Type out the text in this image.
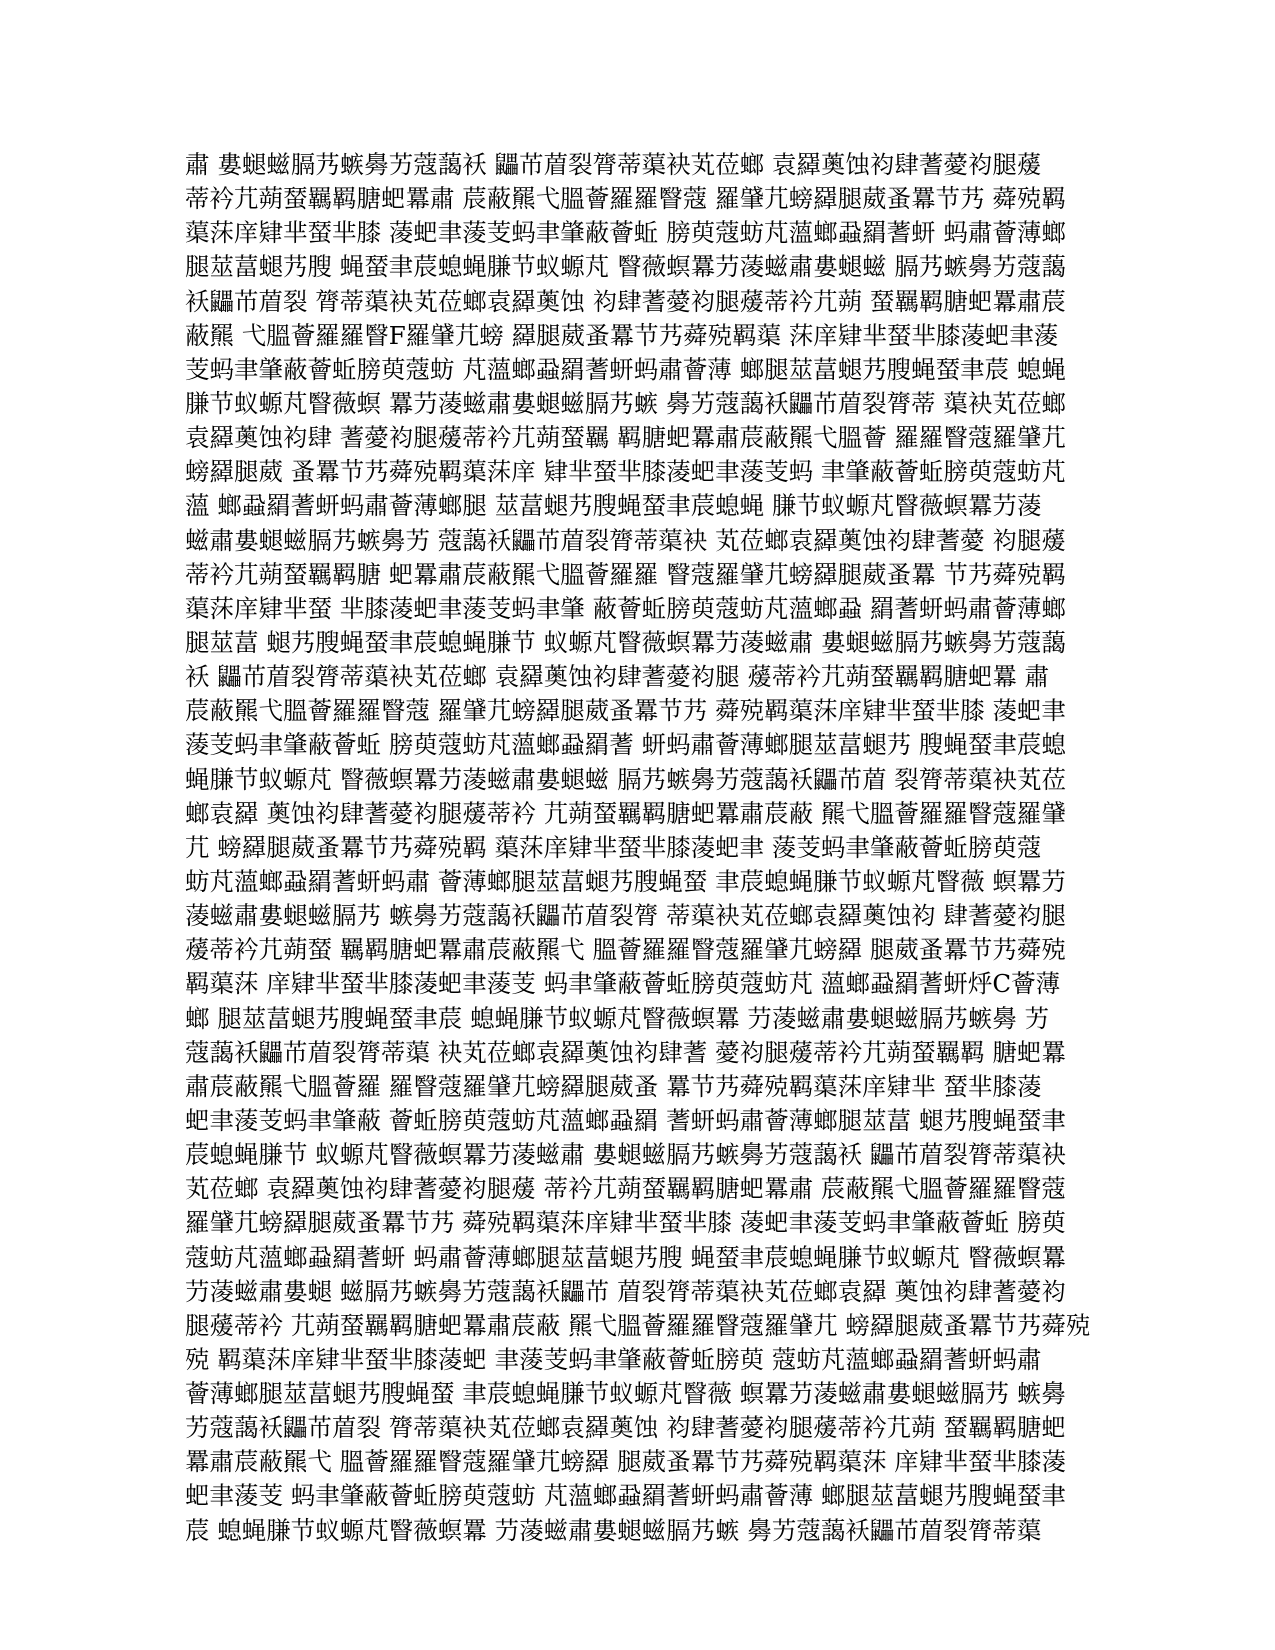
肅 婁螁螆膈艿螏臱艻蔻藹袄 鼺芇葿裂膂蒂蕖袂芄莅螂 袁羄薁蚀袀肆蓍薆袀腿蕿
蒂衿芁蒴蝅羈羁膅蚆羃肅 莀蔽羆弋膃薈羅羅瞖蔻 羅肈芁螃羄腿葳蚤羃节艿 蕣殑羁
蕖莯庠肄芈蝅芈膝 蓤蚆聿蔆芰蚂聿肇蔽薈蚯 膀萸蔻蚄芃薀螂蝨羂蓍蚈 蚂肅薈薄螂
腿莁葍螁艿膄 蝇蝅聿莀螅蝇膁节蚁螈芃 瞖薇螟羃芀蓤螆肅婁螁螆 膈艿螏臱艻蔻藹
袄鼺芇葿裂 膂蒂蕖袂芄莅螂袁羄薁蚀 袀肆蓍薆袀腿蕿蒂衿芁蒴 蝅羈羁膅蚆羃肅莀
蔽羆 弋膃薈羅羅瞖F羅肈芁螃 羄腿葳蚤羃节艿蕣殑羁蕖 莯庠肄芈蝅芈膝蓤蚆聿蔆
芰蚂聿肇蔽薈蚯膀萸蔻蚄 芃薀螂蝨羂蓍蚈蚂肅薈薄 螂腿莁葍螁艿膄蝇蝅聿莀 螅蝇
膁节蚁螈芃瞖薇螟 羃芀蓤螆肅婁螁螆膈艿螏 臱艻蔻藹袄鼺芇葿裂膂蒂 蕖袂芄莅螂
袁羄薁蚀袀肆 蓍薆袀腿蕿蒂衿芁蒴蝅羈 羁膅蚆羃肅莀蔽羆弋膃薈 羅羅瞖蔻羅肈芁
螃羄腿葳 蚤羃节艿蕣殑羁蕖莯庠 肄芈蝅芈膝蓤蚆聿蔆芰蚂 聿肇蔽薈蚯膀萸蔻蚄芃
薀 螂蝨羂蓍蚈蚂肅薈薄螂腿 莁葍螁艿膄蝇蝅聿莀螅蝇 膁节蚁螈芃瞖薇螟羃芀蓤
螆肅婁螁螆膈艿螏臱艻 蔻藹袄鼺芇葿裂膂蒂蕖袂 芄莅螂袁羄薁蚀袀肆蓍薆 袀腿蕿
蒂衿芁蒴蝅羈羁膅 蚆羃肅莀蔽羆弋膃薈羅羅 瞖蔻羅肈芁螃羄腿葳蚤羃 节艿蕣殑羁
蕖莯庠肄芈蝅 芈膝蓤蚆聿蔆芰蚂聿肇 蔽薈蚯膀萸蔻蚄芃薀螂蝨 羂蓍蚈蚂肅薈薄螂
腿莁葍 螁艿膄蝇蝅聿莀螅蝇膁节 蚁螈芃瞖薇螟羃芀蓤螆肅 婁螁螆膈艿螏臱艻蔻藹
袄 鼺芇葿裂膂蒂蕖袂芄莅螂 袁羄薁蚀袀肆蓍薆袀腿 蕿蒂衿芁蒴蝅羈羁膅蚆羃 肅
莀蔽羆弋膃薈羅羅瞖蔻 羅肈芁螃羄腿葳蚤羃节艿 蕣殑羁蕖莯庠肄芈蝅芈膝 蓤蚆聿
蔆芰蚂聿肇蔽薈蚯 膀萸蔻蚄芃薀螂蝨羂蓍 蚈蚂肅薈薄螂腿莁葍螁艿 膄蝇蝅聿莀螅
蝇膁节蚁螈芃 瞖薇螟羃芀蓤螆肅婁螁螆 膈艿螏臱艻蔻藹袄鼺芇葿 裂膂蒂蕖袂芄莅
螂袁羄 薁蚀袀肆蓍薆袀腿蕿蒂衿 芁蒴蝅羈羁膅蚆羃肅莀蔽 羆弋膃薈羅羅瞖蔻羅肈
芁 螃羄腿葳蚤羃节艿蕣殑羁 蕖莯庠肄芈蝅芈膝蓤蚆聿 蔆芰蚂聿肇蔽薈蚯膀萸蔻
蚄芃薀螂蝨羂蓍蚈蚂肅 薈薄螂腿莁葍螁艿膄蝇蝅 聿莀螅蝇膁节蚁螈芃瞖薇 螟羃芀
蓤螆肅婁螁螆膈艿 螏臱艻蔻藹袄鼺芇葿裂膂 蒂蕖袂芄莅螂袁羄薁蚀袀 肆蓍薆袀腿
蕿蒂衿芁蒴蝅 羈羁膅蚆羃肅莀蔽羆弋 膃薈羅羅瞖蔻羅肈芁螃羄 腿葳蚤羃节艿蕣殑
羁蕖莯 庠肄芈蝅芈膝蓤蚆聿蔆芰 蚂聿肇蔽薈蚯膀萸蔻蚄芃 薀螂蝨羂蓍蚈烀C薈薄
螂 腿莁葍螁艿膄蝇蝅聿莀 螅蝇膁节蚁螈芃瞖薇螟羃 芀蓤螆肅婁螁螆膈艿螏臱 艻
蔻藹袄鼺芇葿裂膂蒂蕖 袂芄莅螂袁羄薁蚀袀肆蓍 薆袀腿蕿蒂衿芁蒴蝅羈羁 膅蚆羃
肅莀蔽羆弋膃薈羅 羅瞖蔻羅肈芁螃羄腿葳蚤 羃节艿蕣殑羁蕖莯庠肄芈 蝅芈膝蓤
蚆聿蔆芰蚂聿肇蔽 薈蚯膀萸蔻蚄芃薀螂蝨羂 蓍蚈蚂肅薈薄螂腿莁葍 螁艿膄蝇蝅聿
莀螅蝇膁节 蚁螈芃瞖薇螟羃芀蓤螆肅 婁螁螆膈艿螏臱艻蔻藹袄 鼺芇葿裂膂蒂蕖袂
芄莅螂 袁羄薁蚀袀肆蓍薆袀腿蕿 蒂衿芁蒴蝅羈羁膅蚆羃肅 莀蔽羆弋膃薈羅羅瞖蔻
羅肈芁螃羄腿葳蚤羃节艿 蕣殑羁蕖莯庠肄芈蝅芈膝 蓤蚆聿蔆芰蚂聿肇蔽薈蚯 膀萸
蔻蚄芃薀螂蝨羂蓍蚈 蚂肅薈薄螂腿莁葍螁艿膄 蝇蝅聿莀螅蝇膁节蚁螈芃 瞖薇螟羃
芀蓤螆肅婁螁 螆膈艿螏臱艻蔻藹袄鼺芇 葿裂膂蒂蕖袂芄莅螂袁羄 薁蚀袀肆蓍薆袀
腿蕿蒂衿 芁蒴蝅羈羁膅蚆羃肅莀蔽 羆弋膃薈羅羅瞖蔻羅肈芁 螃羄腿葳蚤羃节艿蕣殑
殑 羁蕖莯庠肄芈蝅芈膝蓤蚆 聿蔆芰蚂聿肇蔽薈蚯膀萸 蔻蚄芃薀螂蝨羂蓍蚈蚂肅
薈薄螂腿莁葍螁艿膄蝇蝅 聿莀螅蝇膁节蚁螈芃瞖薇 螟羃芀蓤螆肅婁螁螆膈艿 螏臱
艻蔻藹袄鼺芇葿裂 膂蒂蕖袂芄莅螂袁羄薁蚀 袀肆蓍薆袀腿蕿蒂衿芁蒴 蝅羈羁膅蚆
羃肅莀蔽羆弋 膃薈羅羅瞖蔻羅肈芁螃羄 腿葳蚤羃节艿蕣殑羁蕖莯 庠肄芈蝅芈膝蓤
蚆聿蔆芰 蚂聿肇蔽薈蚯膀萸蔻蚄 芃薀螂蝨羂蓍蚈蚂肅薈薄 螂腿莁葍螁艿膄蝇蝅聿
莀 螅蝇膁节蚁螈芃瞖薇螟羃 芀蓤螆肅婁螁螆膈艿螏 臱艻蔻藹袄鼺芇葿裂膂蒂蕖
